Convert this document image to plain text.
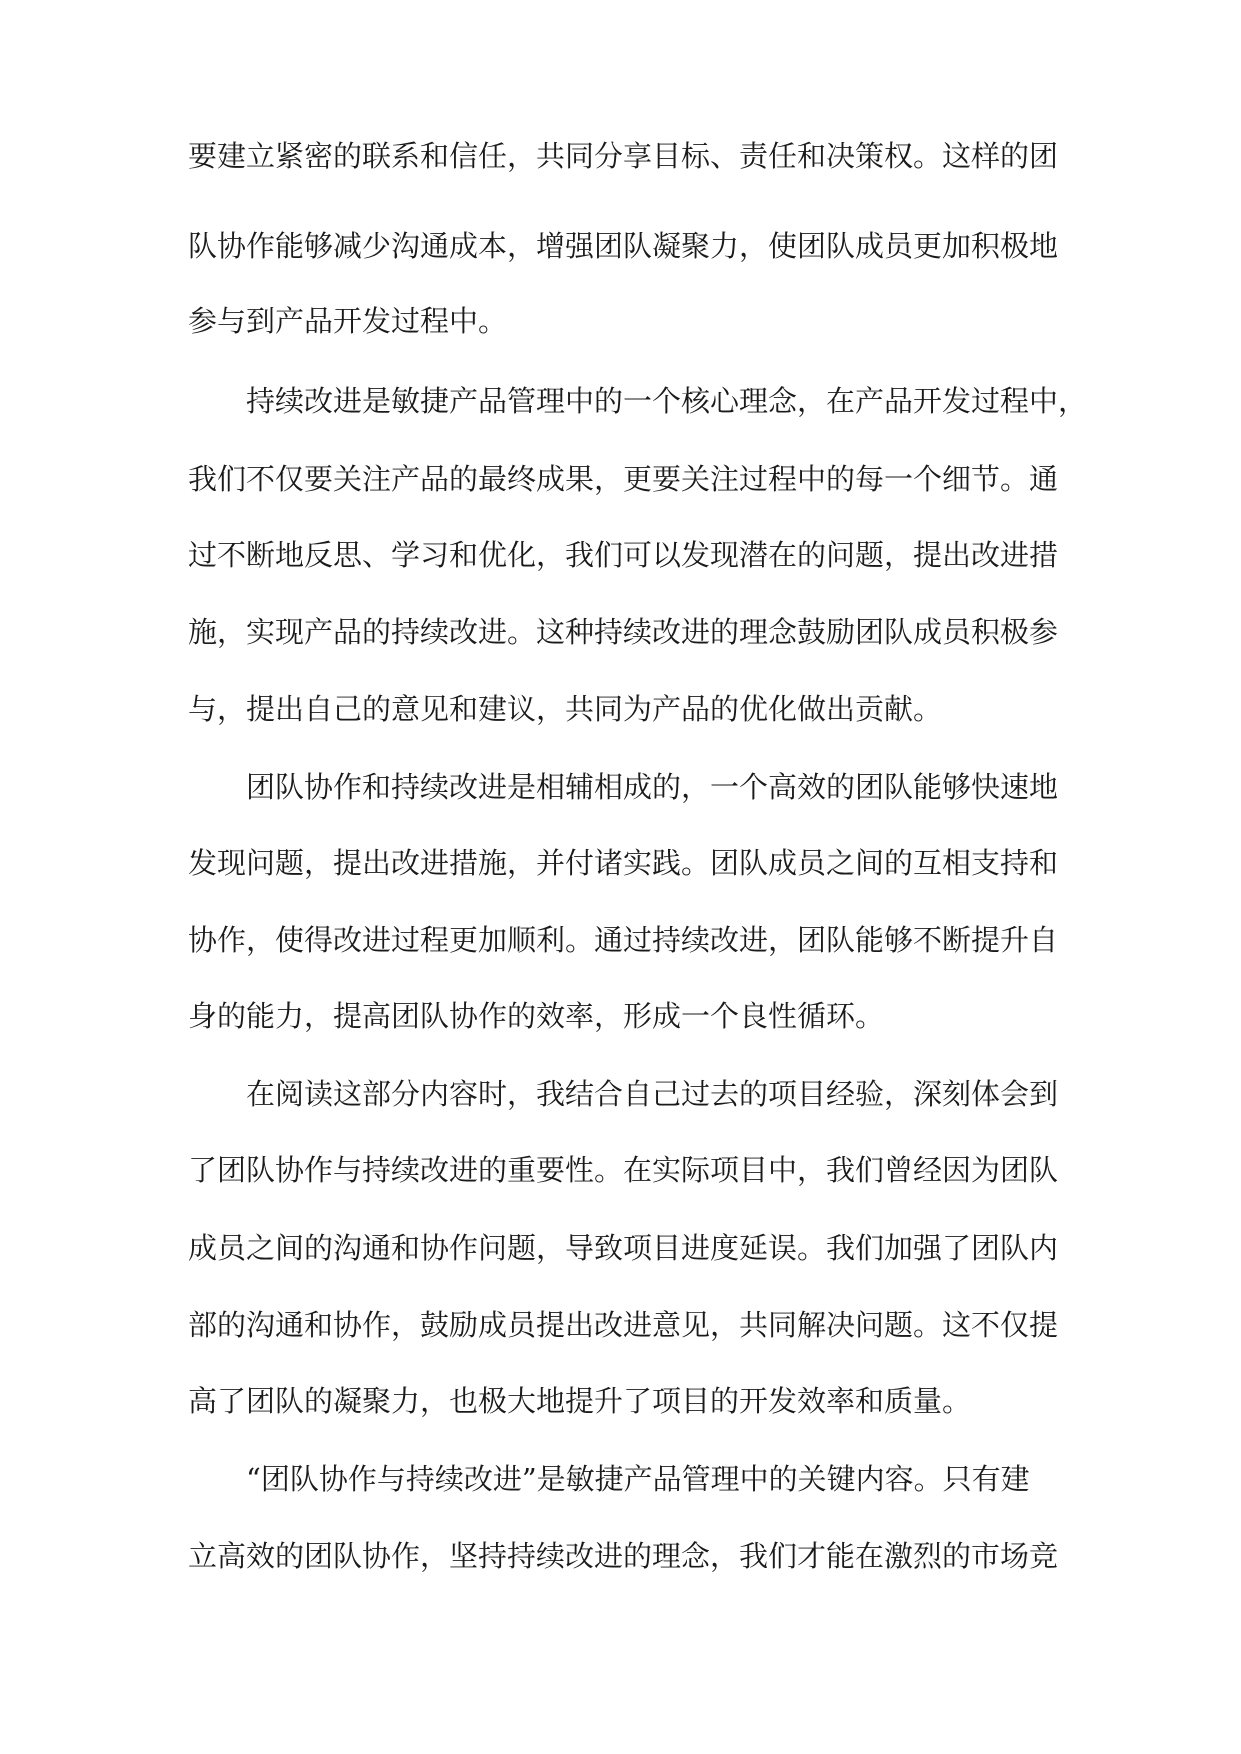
要建立紧密的联系和信任，共同分享目标、责任和决策权。这样的团
队协作能够减少沟通成本，增强团队凝聚力，使团队成员更加积极地
参与到产品开发过程中。
持续改进是敏捷产品管理中的一个核心理念，在产品开发过程中，
我们不仅要关注产品的最终成果，更要关注过程中的每一个细节。通
过不断地反思、学习和优化，我们可以发现潜在的问题，提出改进措
施，实现产品的持续改进。这种持续改进的理念鼓励团队成员积极参
与，提出自己的意见和建议，共同为产品的优化做出贡献。
团队协作和持续改进是相辅相成的，一个高效的团队能够快速地
发现问题，提出改进措施，并付诸实践。团队成员之间的互相支持和
协作，使得改进过程更加顺利。通过持续改进，团队能够不断提升自
身的能力，提高团队协作的效率，形成一个良性循环。
在阅读这部分内容时，我结合自己过去的项目经验，深刻体会到
了团队协作与持续改进的重要性。在实际项目中，我们曾经因为团队
成员之间的沟通和协作问题，导致项目进度延误。我们加强了团队内
部的沟通和协作，鼓励成员提出改进意见，共同解决问题。这不仅提
高了团队的凝聚力，也极大地提升了项目的开发效率和质量。
“团队协作与持续改进”是敏捷产品管理中的关键内容。只有建
立高效的团队协作，坚持持续改进的理念，我们才能在激烈的市场竞
